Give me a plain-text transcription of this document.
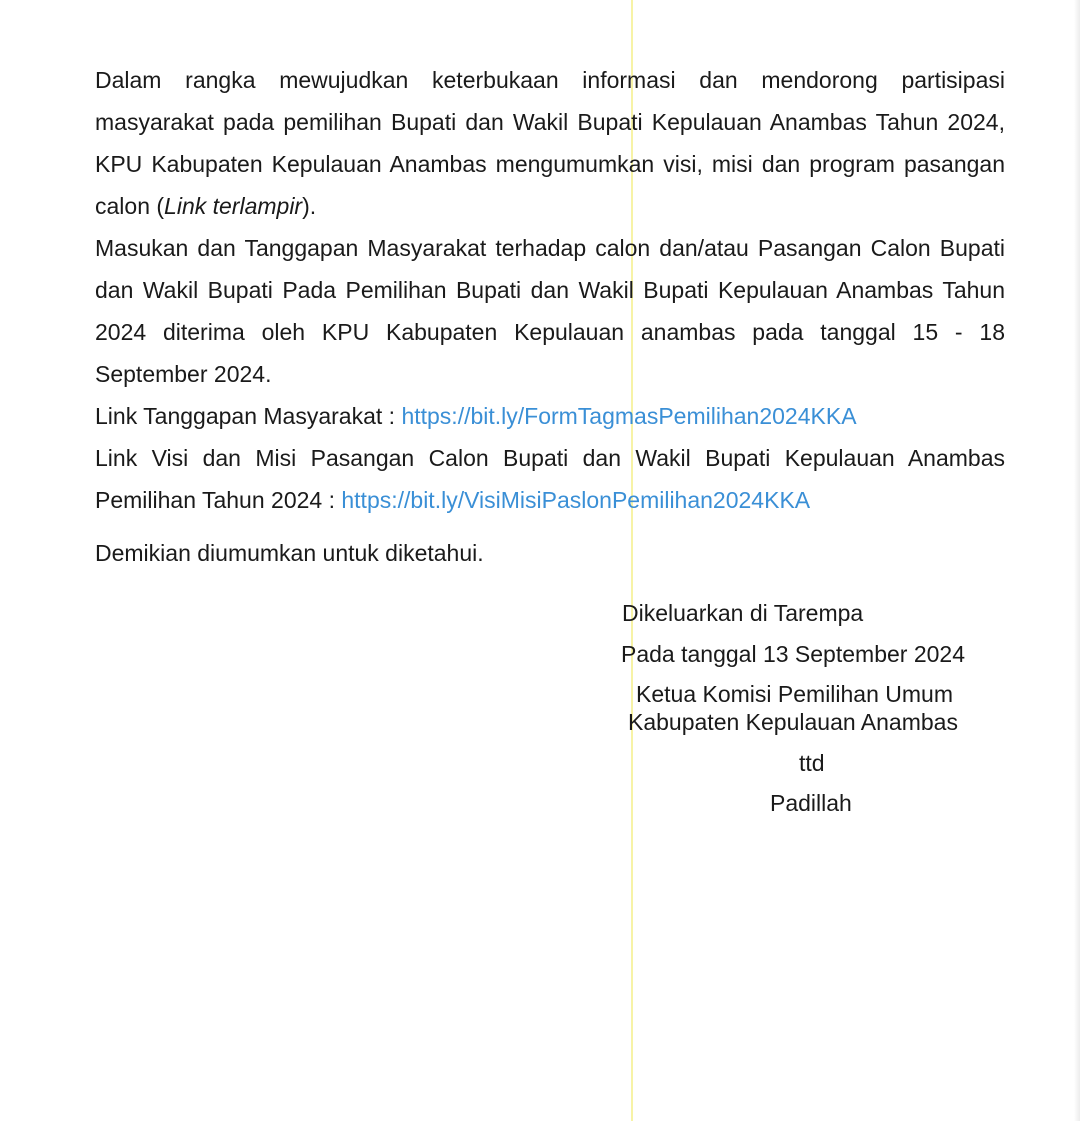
Dalam rangka mewujudkan keterbukaan informasi dan mendorong partisipasi masyarakat pada pemilihan Bupati dan Wakil Bupati Kepulauan Anambas Tahun 2024, KPU Kabupaten Kepulauan Anambas mengumumkan visi, misi dan program pasangan calon (Link terlampir).

Masukan dan Tanggapan Masyarakat terhadap calon dan/atau Pasangan Calon Bupati dan Wakil Bupati Pada Pemilihan Bupati dan Wakil Bupati Kepulauan Anambas Tahun 2024 diterima oleh KPU Kabupaten Kepulauan anambas pada tanggal 15 - 18 September 2024.

Link Tanggapan Masyarakat : https://bit.ly/FormTagmasPemilihan2024KKA

Link Visi dan Misi Pasangan Calon Bupati dan Wakil Bupati Kepulauan Anambas Pemilihan Tahun 2024 : https://bit.ly/VisiMisiPaslonPemilihan2024KKA

Demikian diumumkan untuk diketahui.

Dikeluarkan di Tarempa
Pada tanggal 13 September 2024
Ketua Komisi Pemilihan Umum
Kabupaten Kepulauan Anambas
ttd
Padillah
